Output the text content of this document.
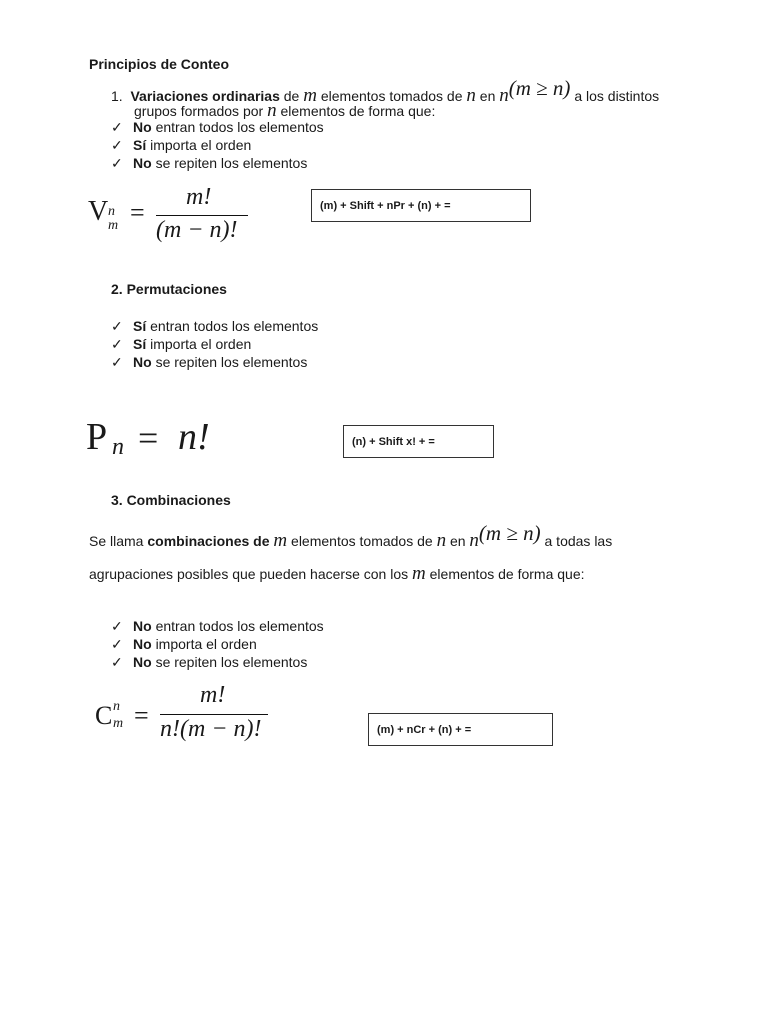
Principios de Conteo
1. Variaciones ordinarias de m elementos tomados de n en n(m ≥ n) a los distintos
grupos formados por n elementos de forma que:
✓ No entran todos los elementos
✓ Sí importa el orden
✓ No se repiten los elementos
V n
m =
m!
(m − n)!
(m) + Shift + nPr + (n) + =
2. Permutaciones
✓ Sí entran todos los elementos
✓ Sí importa el orden
✓ No se repiten los elementos
P n = n!	(n) + Shift x! + =
3. Combinaciones
Se llama combinaciones de m elementos tomados de n en n(m ≥ n) a todas las
agrupaciones posibles que pueden hacerse con los m elementos de forma que:
✓ No entran todos los elementos
✓ No importa el orden
✓ No se repiten los elementos
C n
m =
m!
n!(m − n)!	(m) + nCr + (n) + =
